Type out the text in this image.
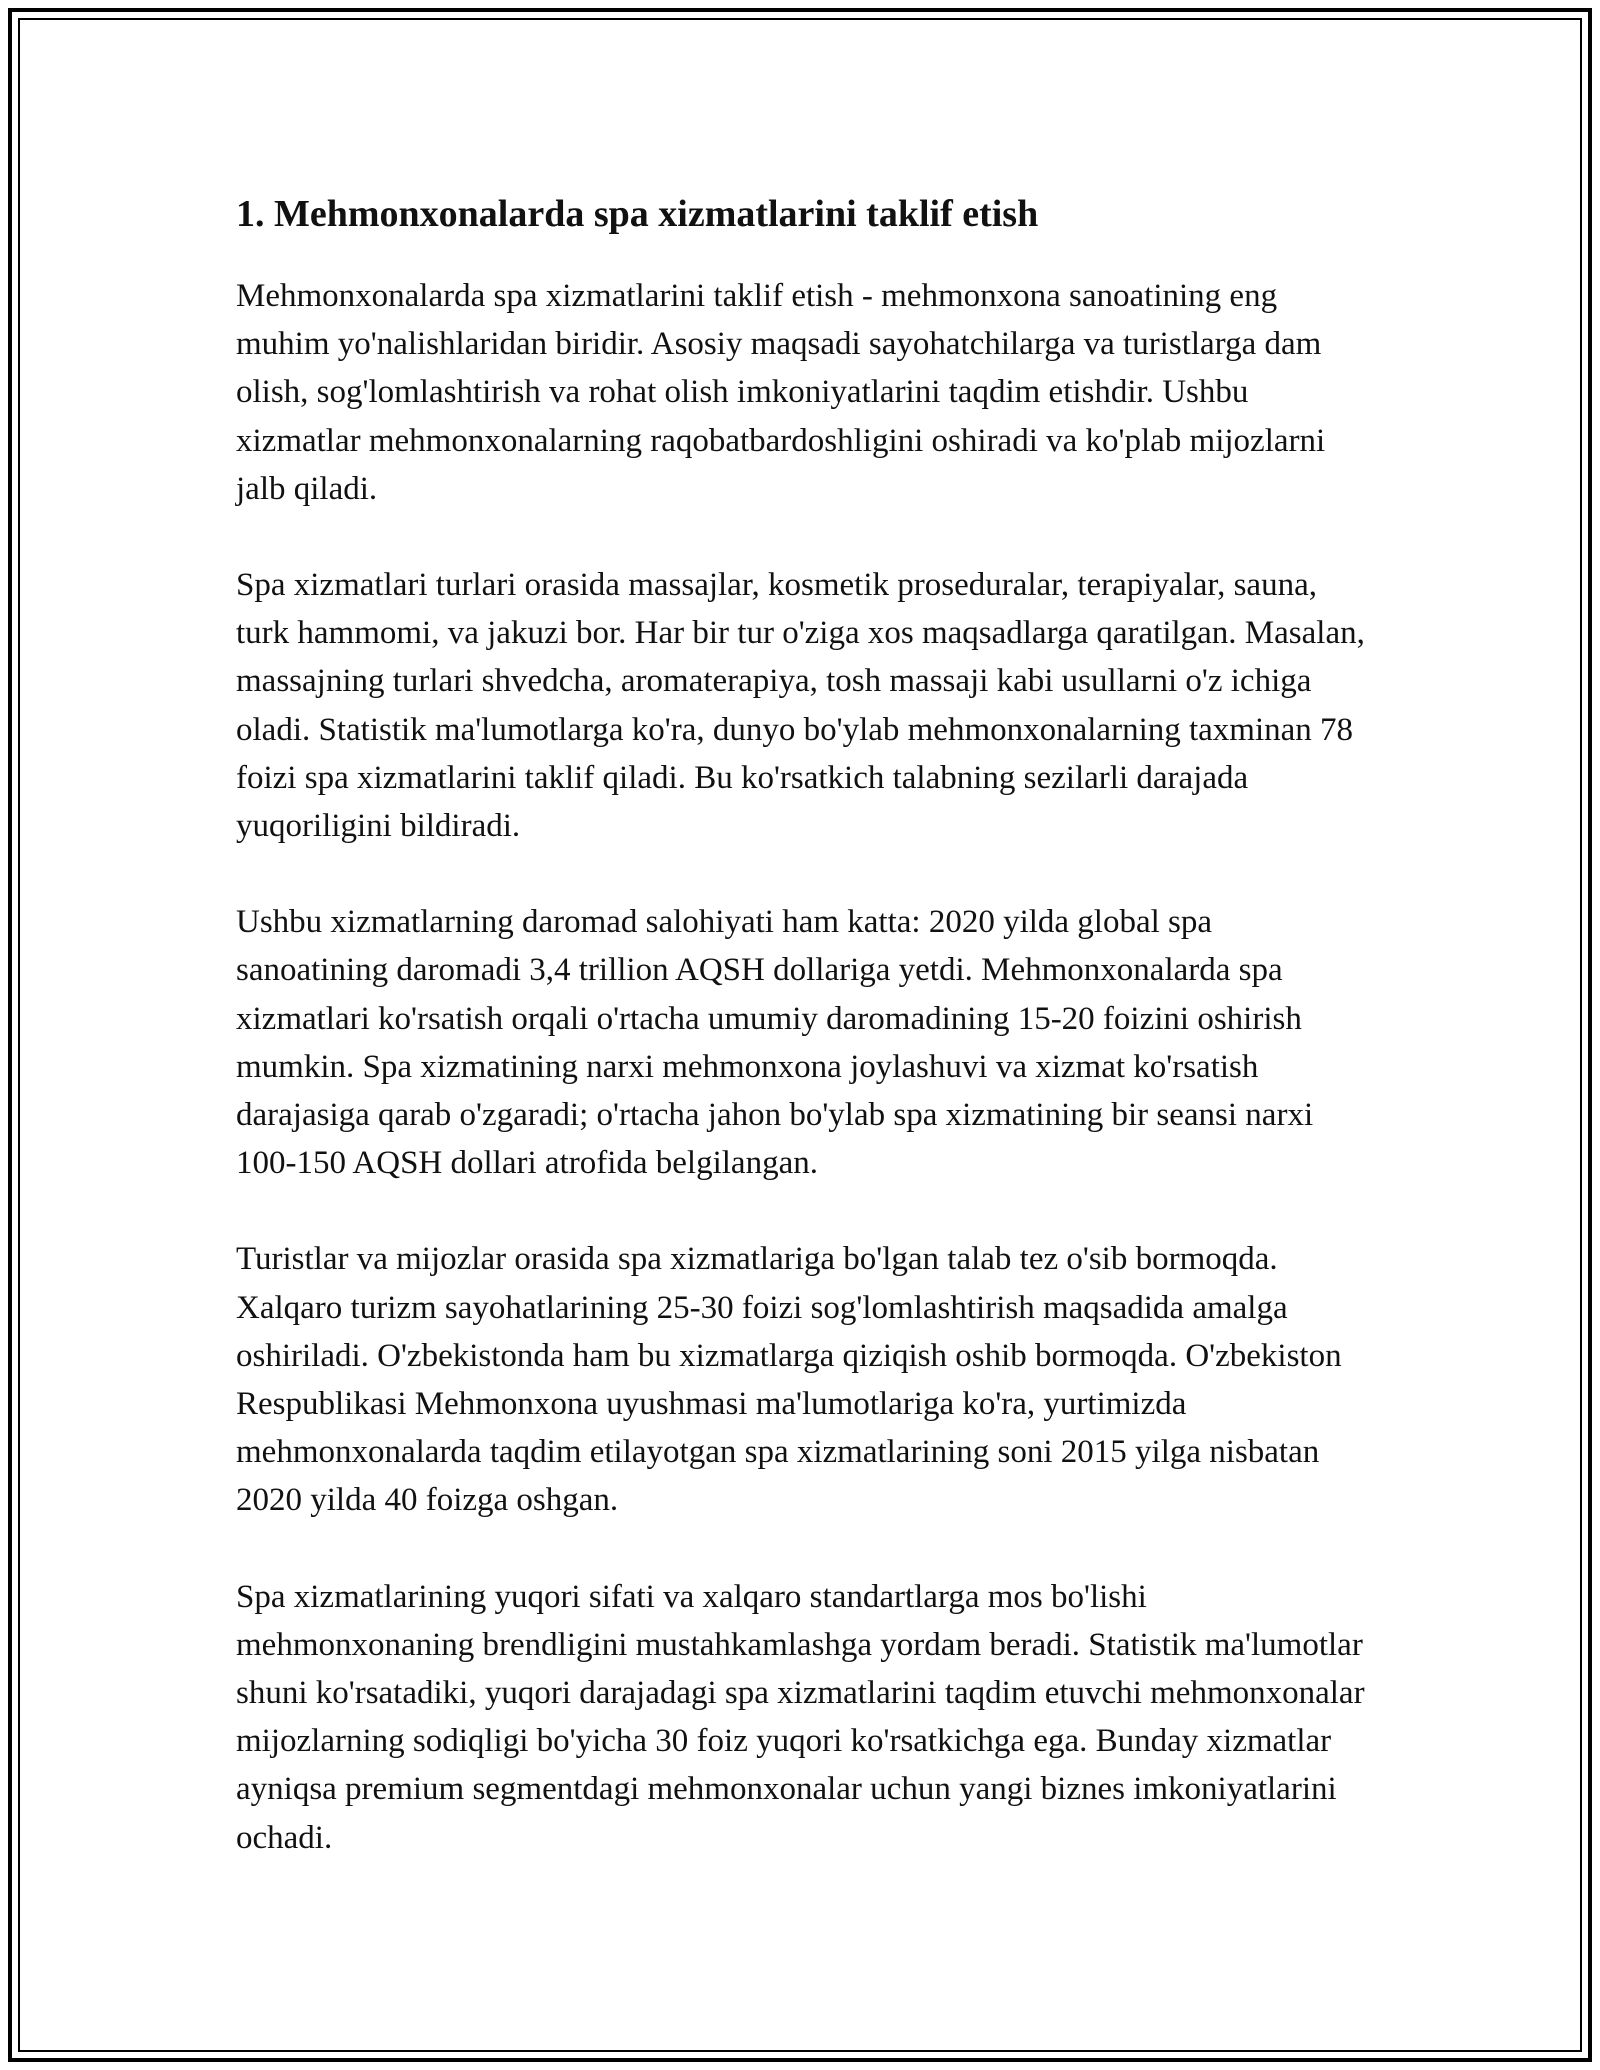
1. Mehmonxonalarda spa xizmatlarini taklif etish

Mehmonxonalarda spa xizmatlarini taklif etish - mehmonxona sanoatining eng muhim yo'nalishlaridan biridir. Asosiy maqsadi sayohatchilarga va turistlarga dam olish, sog'lomlashtirish va rohat olish imkoniyatlarini taqdim etishdir. Ushbu xizmatlar mehmonxonalarning raqobatbardoshligini oshiradi va ko'plab mijozlarni jalb qiladi.

Spa xizmatlari turlari orasida massajlar, kosmetik proseduralar, terapiyalar, sauna, turk hammomi, va jakuzi bor. Har bir tur o'ziga xos maqsadlarga qaratilgan. Masalan, massajning turlari shvedcha, aromaterapiya, tosh massaji kabi usullarni o'z ichiga oladi. Statistik ma'lumotlarga ko'ra, dunyo bo'ylab mehmonxonalarning taxminan 78 foizi spa xizmatlarini taklif qiladi. Bu ko'rsatkich talabning sezilarli darajada yuqoriligini bildiradi.

Ushbu xizmatlarning daromad salohiyati ham katta: 2020 yilda global spa sanoatining daromadi 3,4 trillion AQSH dollariga yetdi. Mehmonxonalarda spa xizmatlari ko'rsatish orqali o'rtacha umumiy daromadining 15-20 foizini oshirish mumkin. Spa xizmatining narxi mehmonxona joylashuvi va xizmat ko'rsatish darajasiga qarab o'zgaradi; o'rtacha jahon bo'ylab spa xizmatining bir seansi narxi 100-150 AQSH dollari atrofida belgilangan.

Turistlar va mijozlar orasida spa xizmatlariga bo'lgan talab tez o'sib bormoqda. Xalqaro turizm sayohatlarining 25-30 foizi sog'lomlashtirish maqsadida amalga oshiriladi. O'zbekistonda ham bu xizmatlarga qiziqish oshib bormoqda. O'zbekiston Respublikasi Mehmonxona uyushmasi ma'lumotlariga ko'ra, yurtimizda mehmonxonalarda taqdim etilayotgan spa xizmatlarining soni 2015 yilga nisbatan 2020 yilda 40 foizga oshgan.

Spa xizmatlarining yuqori sifati va xalqaro standartlarga mos bo'lishi mehmonxonaning brendligini mustahkamlashga yordam beradi. Statistik ma'lumotlar shuni ko'rsatadiki, yuqori darajadagi spa xizmatlarini taqdim etuvchi mehmonxonalar mijozlarning sodiqligi bo'yicha 30 foiz yuqori ko'rsatkichga ega. Bunday xizmatlar ayniqsa premium segmentdagi mehmonxonalar uchun yangi biznes imkoniyatlarini ochadi.
